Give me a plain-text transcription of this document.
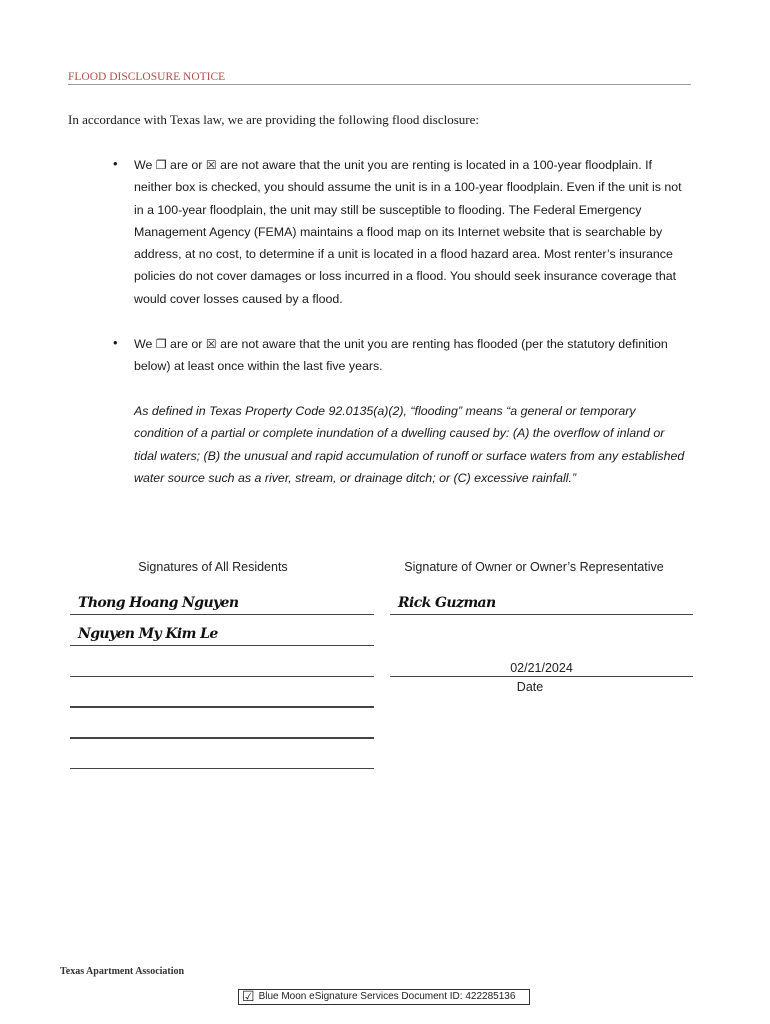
FLOOD DISCLOSURE NOTICE
In accordance with Texas law, we are providing the following flood disclosure:
• We ❐ are or ☒ are not aware that the unit you are renting is located in a 100-year floodplain. If
neither box is checked, you should assume the unit is in a 100-year floodplain. Even if the unit is not
in a 100-year floodplain, the unit may still be susceptible to flooding. The Federal Emergency
Management Agency (FEMA) maintains a flood map on its Internet website that is searchable by
address, at no cost, to determine if a unit is located in a flood hazard area. Most renter’s insurance
policies do not cover damages or loss incurred in a flood. You should seek insurance coverage that
would cover losses caused by a flood.
• We ❐ are or ☒ are not aware that the unit you are renting has flooded (per the statutory definition
below) at least once within the last five years.
As defined in Texas Property Code 92.0135(a)(2), “flooding” means “a general or temporary
condition of a partial or complete inundation of a dwelling caused by: (A) the overflow of inland or
tidal waters; (B) the unusual and rapid accumulation of runoff or surface waters from any established
water source such as a river, stream, or drainage ditch; or (C) excessive rainfall.”
Signatures of All Residents	Signature of Owner or Owner’s Representative
Thong Hoang Nguyen
Nguyen My Kim Le
Rick Guzman
02/21/2024
Date
Texas Apartment Association
☑ Blue Moon eSignature Services Document ID: 422285136
